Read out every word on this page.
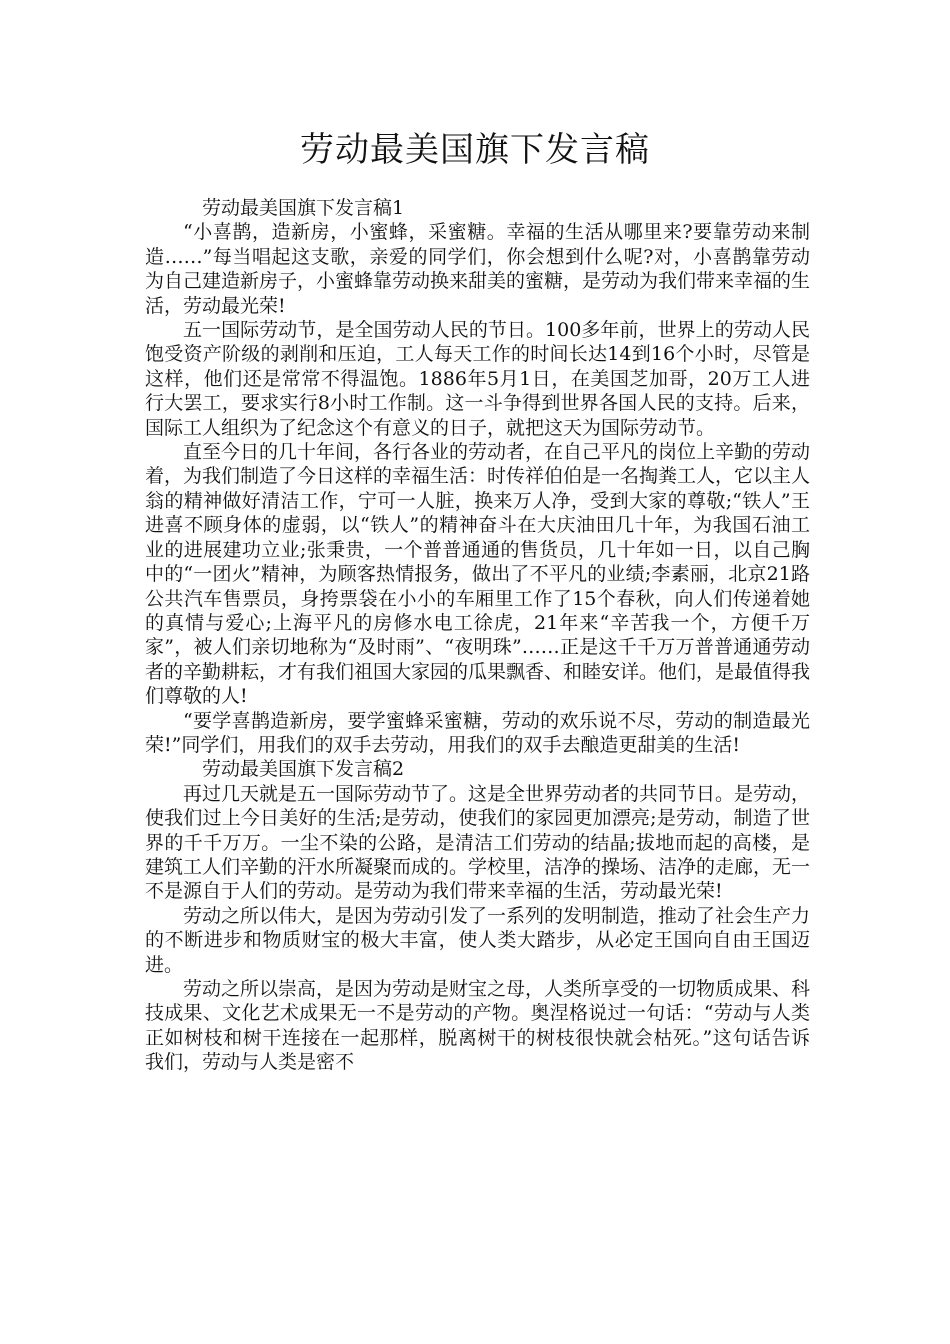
劳动最美国旗下发言稿

劳动最美国旗下发言稿1

“小喜鹊，造新房，小蜜蜂，采蜜糖。幸福的生活从哪里来?要靠劳动来制造……”每当唱起这支歌，亲爱的同学们，你会想到什么呢?对，小喜鹊靠劳动为自己建造新房子，小蜜蜂靠劳动换来甜美的蜜糖，是劳动为我们带来幸福的生活，劳动最光荣!

五一国际劳动节，是全国劳动人民的节日。100多年前，世界上的劳动人民饱受资产阶级的剥削和压迫，工人每天工作的时间长达14到16个小时，尽管是这样，他们还是常常不得温饱。1886年5月1日，在美国芝加哥，20万工人进行大罢工，要求实行8小时工作制。这一斗争得到世界各国人民的支持。后来，国际工人组织为了纪念这个有意义的日子，就把这天为国际劳动节。

直至今日的几十年间，各行各业的劳动者，在自己平凡的岗位上辛勤的劳动着，为我们制造了今日这样的幸福生活：时传祥伯伯是一名掏粪工人，它以主人翁的精神做好清洁工作，宁可一人脏，换来万人净，受到大家的尊敬;“铁人”王进喜不顾身体的虚弱，以“铁人”的精神奋斗在大庆油田几十年，为我国石油工业的进展建功立业;张秉贵，一个普普通通的售货员，几十年如一日，以自己胸中的“一团火”精神，为顾客热情报务，做出了不平凡的业绩;李素丽，北京21路公共汽车售票员，身挎票袋在小小的车厢里工作了15个春秋，向人们传递着她的真情与爱心;上海平凡的房修水电工徐虎，21年来“辛苦我一个，方便千万家”，被人们亲切地称为“及时雨”、“夜明珠”……正是这千千万万普普通通劳动者的辛勤耕耘，才有我们祖国大家园的瓜果飘香、和睦安详。他们，是最值得我们尊敬的人!

“要学喜鹊造新房，要学蜜蜂采蜜糖，劳动的欢乐说不尽，劳动的制造最光荣!”同学们，用我们的双手去劳动，用我们的双手去酿造更甜美的生活!

劳动最美国旗下发言稿2

再过几天就是五一国际劳动节了。这是全世界劳动者的共同节日。是劳动，使我们过上今日美好的生活;是劳动，使我们的家园更加漂亮;是劳动，制造了世界的千千万万。一尘不染的公路，是清洁工们劳动的结晶;拔地而起的高楼，是建筑工人们辛勤的汗水所凝聚而成的。学校里，洁净的操场、洁净的走廊，无一不是源自于人们的劳动。是劳动为我们带来幸福的生活，劳动最光荣!

劳动之所以伟大，是因为劳动引发了一系列的发明制造，推动了社会生产力的不断进步和物质财宝的极大丰富，使人类大踏步，从必定王国向自由王国迈进。

劳动之所以崇高，是因为劳动是财宝之母，人类所享受的一切物质成果、科技成果、文化艺术成果无一不是劳动的产物。奥涅格说过一句话：“劳动与人类正如树枝和树干连接在一起那样，脱离树干的树枝很快就会枯死。”这句话告诉我们，劳动与人类是密不
